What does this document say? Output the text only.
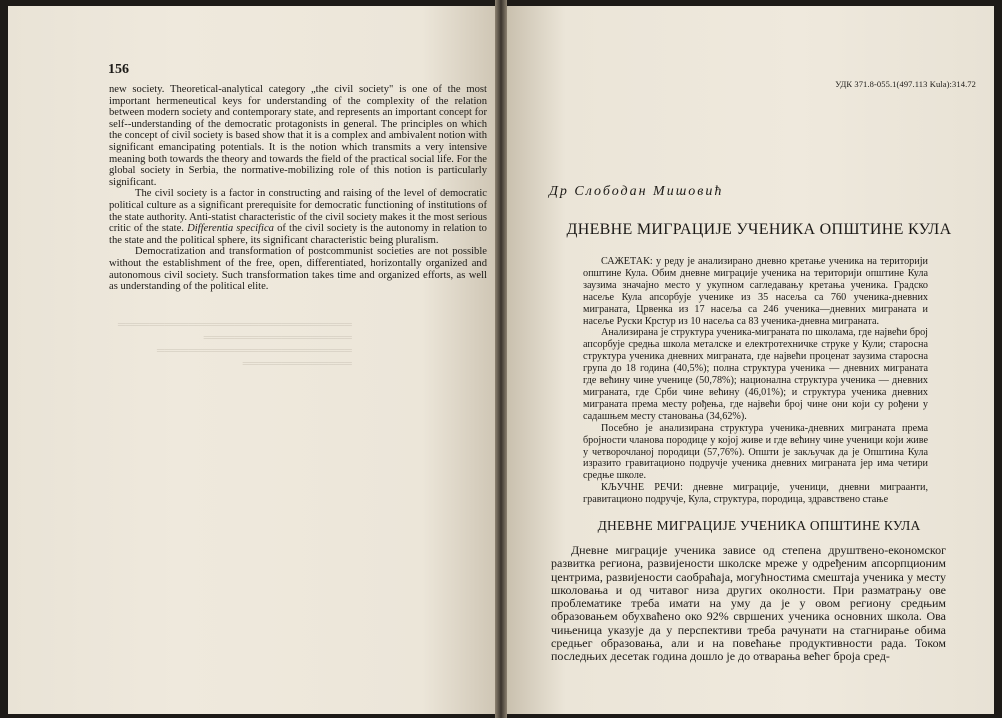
══════════════════════════════
═══════════════════
═════════════════════════
══════════════

156

new society. Theoretical-analytical category „the civil society" is one of the most important hermeneutical keys for understanding of the complexity of the relation between modern society and contemporary state, and represents an important concept for self--understanding of the democratic protagonists in general. The principles on which the concept of civil society is based show that it is a complex and ambivalent notion with significant emancipating potentials. It is the notion which transmits a very intensive meaning both towards the theory and towards the field of the practical social life. For the global society in Serbia, the normative-mobilizing role of this notion is particularly significant.

The civil society is a factor in constructing and raising of the level of democratic political culture as a significant prerequisite for democratic functioning of institutions of the state authority. Anti-statist characteristic of the civil society makes it the most serious critic of the state. Differentia specifica of the civil society is the autonomy in relation to the state and the political sphere, its significant characteristic being pluralism.

Democratization and transformation of postcommunist societies are not possible without the establishment of the free, open, differentiated, horizontally organized and autonomous civil society. Such transformation takes time and organized efforts, as well as understanding of the political elite.

УДК 371.8-055.1(497.113 Kula):314.72
Др Слободан Мишовић
ДНЕВНЕ МИГРАЦИЈЕ УЧЕНИКА ОПШТИНЕ КУЛА

САЖЕТАК: у реду је анализирано дневно кретање ученика на територији општине Кула. Обим дневне миграције ученика на територији општине Кула заузима значајно место у укупном сагледавању кретања ученика. Градско насеље Кула апсорбује ученике из 35 насеља са 760 ученика-дневних миграната, Црвенка из 17 насеља са 246 ученика—дневних миграната и насеље Руски Крстур из 10 насеља са 83 ученика-дневна миграната.

Анализирана је структура ученика-миграната по школама, где највећи број апсорбује средња школа металске и електротехничке струке у Кули; старосна структура ученика дневних миграната, где највећи проценат заузима старосна група до 18 година (40,5%); полна структура ученика — дневних миграната где већину чине ученице (50,78%); национална структура ученика — дневних миграната, где Срби чине већину (46,01%); и структура ученика дневних миграната према месту рођења, где највећи број чине они који су рођени у садашњем месту становања (34,62%).

Посебно је анализирана структура ученика-дневних миграната према бројности чланова породице у којој живе и где већину чине ученици који живе у четворочланој породици (57,76%). Општи је закључак да је Општина Кула изразито гравитационо подручје ученика дневних миграната јер има четири средње школе.

КЉУЧНЕ РЕЧИ: дневне миграције, ученици, дневни миграанти, гравитационо подручје, Кула, структура, породица, здравствено стање

ДНЕВНЕ МИГРАЦИЈЕ УЧЕНИКА ОПШТИНЕ КУЛА

Дневне миграције ученика зависе од степена друштвено-економског развитка региона, развијености школске мреже у одређеним апсорпционим центрима, развијености саобраћаја, могућностима смештаја ученика у месту школовања и од читавог низа других околности. При разматрању ове проблематике треба имати на уму да је у овом региону средњим образовањем обухваћено око 92% свршених ученика основних школа. Ова чињеница указује да у перспективи треба рачунати на стагнирање обима средњег образовања, али и на повећање продуктивности рада. Током последњих десетак година дошло је до отварања већег броја сред-
